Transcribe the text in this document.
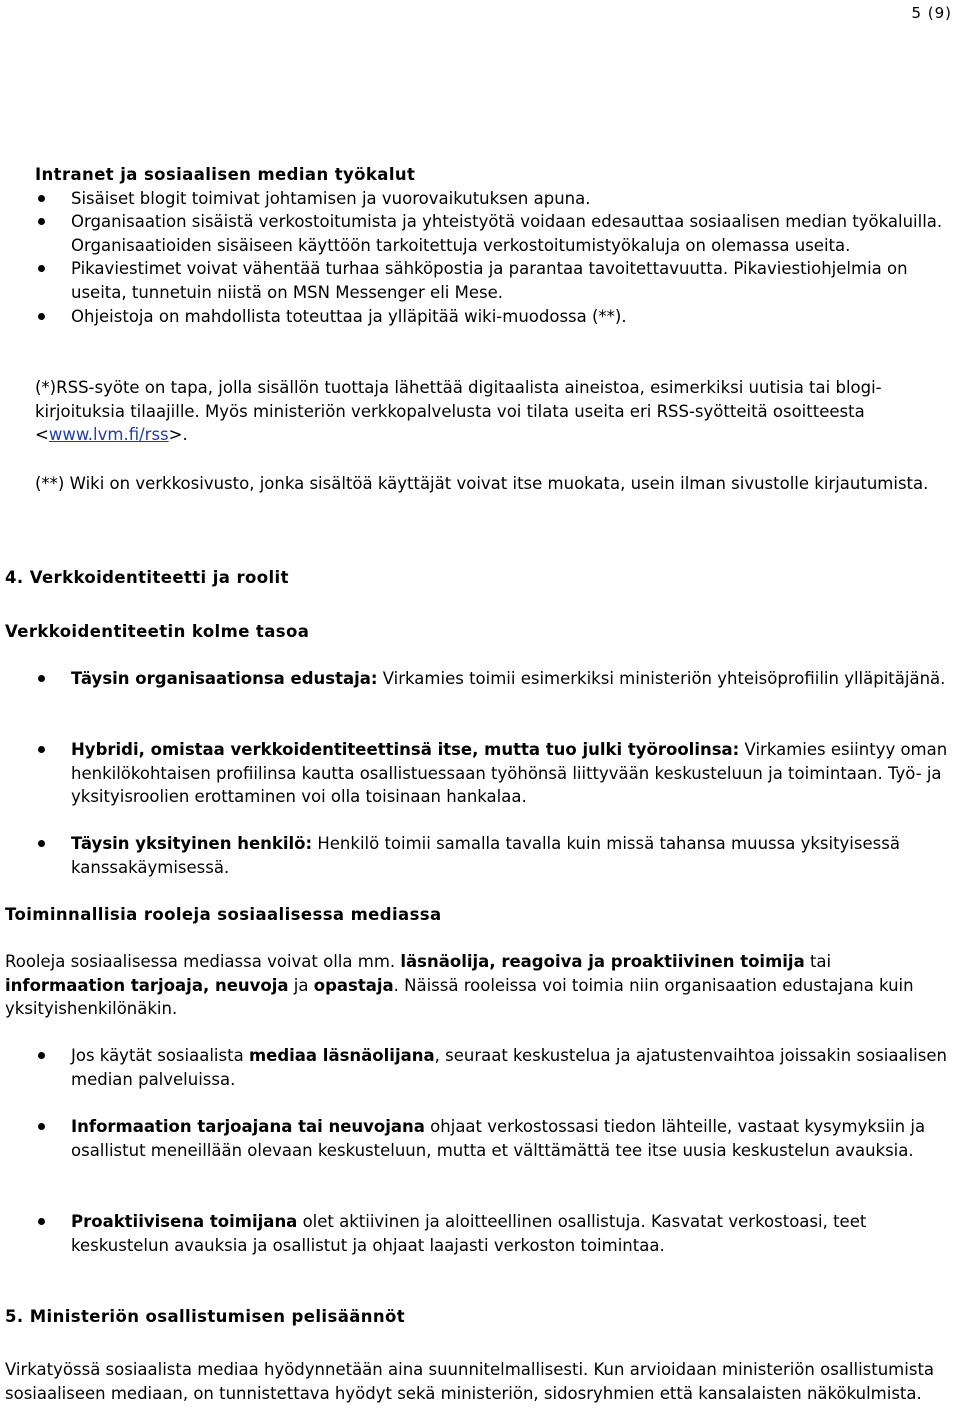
5 (9)
Intranet ja sosiaalisen median työkalut
Sisäiset blogit toimivat johtamisen ja vuorovaikutuksen apuna.
Organisaation sisäistä verkostoitumista ja yhteistyötä voidaan edesauttaa sosiaalisen median työkaluilla. Organisaatioiden sisäiseen käyttöön tarkoitettuja verkostoitumistyökaluja on olemassa useita.
Pikaviestimet voivat vähentää turhaa sähköpostia ja parantaa tavoitettavuutta. Pikaviestiohjelmia on useita, tunnetuin niistä on MSN Messenger eli Mese.
Ohjeistoja on mahdollista toteuttaa ja ylläpitää wiki-muodossa (**).

(*)RSS-syöte on tapa, jolla sisällön tuottaja lähettää digitaalista aineistoa, esimerkiksi uutisia tai blogi-kirjoituksia tilaajille. Myös ministeriön verkkopalvelusta voi tilata useita eri RSS-syötteitä osoitteesta <www.lvm.fi/rss>.

(**) Wiki on verkkosivusto, jonka sisältöä käyttäjät voivat itse muokata, usein ilman sivustolle kirjautumista.

4. Verkkoidentiteetti ja roolit
Verkkoidentiteetin kolme tasoa
Täysin organisaationsa edustaja: Virkamies toimii esimerkiksi ministeriön yhteisöprofiilin ylläpitäjänä.
Hybridi, omistaa verkkoidentiteettinsä itse, mutta tuo julki työroolinsa: Virkamies esiintyy oman henkilökohtaisen profiilinsa kautta osallistuessaan työhönsä liittyvään keskusteluun ja toimintaan. Työ- ja yksityisroolien erottaminen voi olla toisinaan hankalaa.
Täysin yksityinen henkilö: Henkilö toimii samalla tavalla kuin missä tahansa muussa yksityisessä kanssakäymisessä.
Toiminnallisia rooleja sosiaalisessa mediassa

Rooleja sosiaalisessa mediassa voivat olla mm. läsnäolija, reagoiva ja proaktiivinen toimija tai informaation tarjoaja, neuvoja ja opastaja. Näissä rooleissa voi toimia niin organisaation edustajana kuin yksityishenkilönäkin.

Jos käytät sosiaalista mediaa läsnäolijana, seuraat keskustelua ja ajatustenvaihtoa joissakin sosiaalisen median palveluissa.
Informaation tarjoajana tai neuvojana ohjaat verkostossasi tiedon lähteille, vastaat kysymyksiin ja osallistut meneillään olevaan keskusteluun, mutta et välttämättä tee itse uusia keskustelun avauksia.
Proaktiivisena toimijana olet aktiivinen ja aloitteellinen osallistuja. Kasvatat verkostoasi, teet keskustelun avauksia ja osallistut ja ohjaat laajasti verkoston toimintaa.
5. Ministeriön osallistumisen pelisäännöt

Virkatyössä sosiaalista mediaa hyödynnetään aina suunnitelmallisesti. Kun arvioidaan ministeriön osallistumista sosiaaliseen mediaan, on tunnistettava hyödyt sekä ministeriön, sidosryhmien että kansalaisten näkökulmista.
